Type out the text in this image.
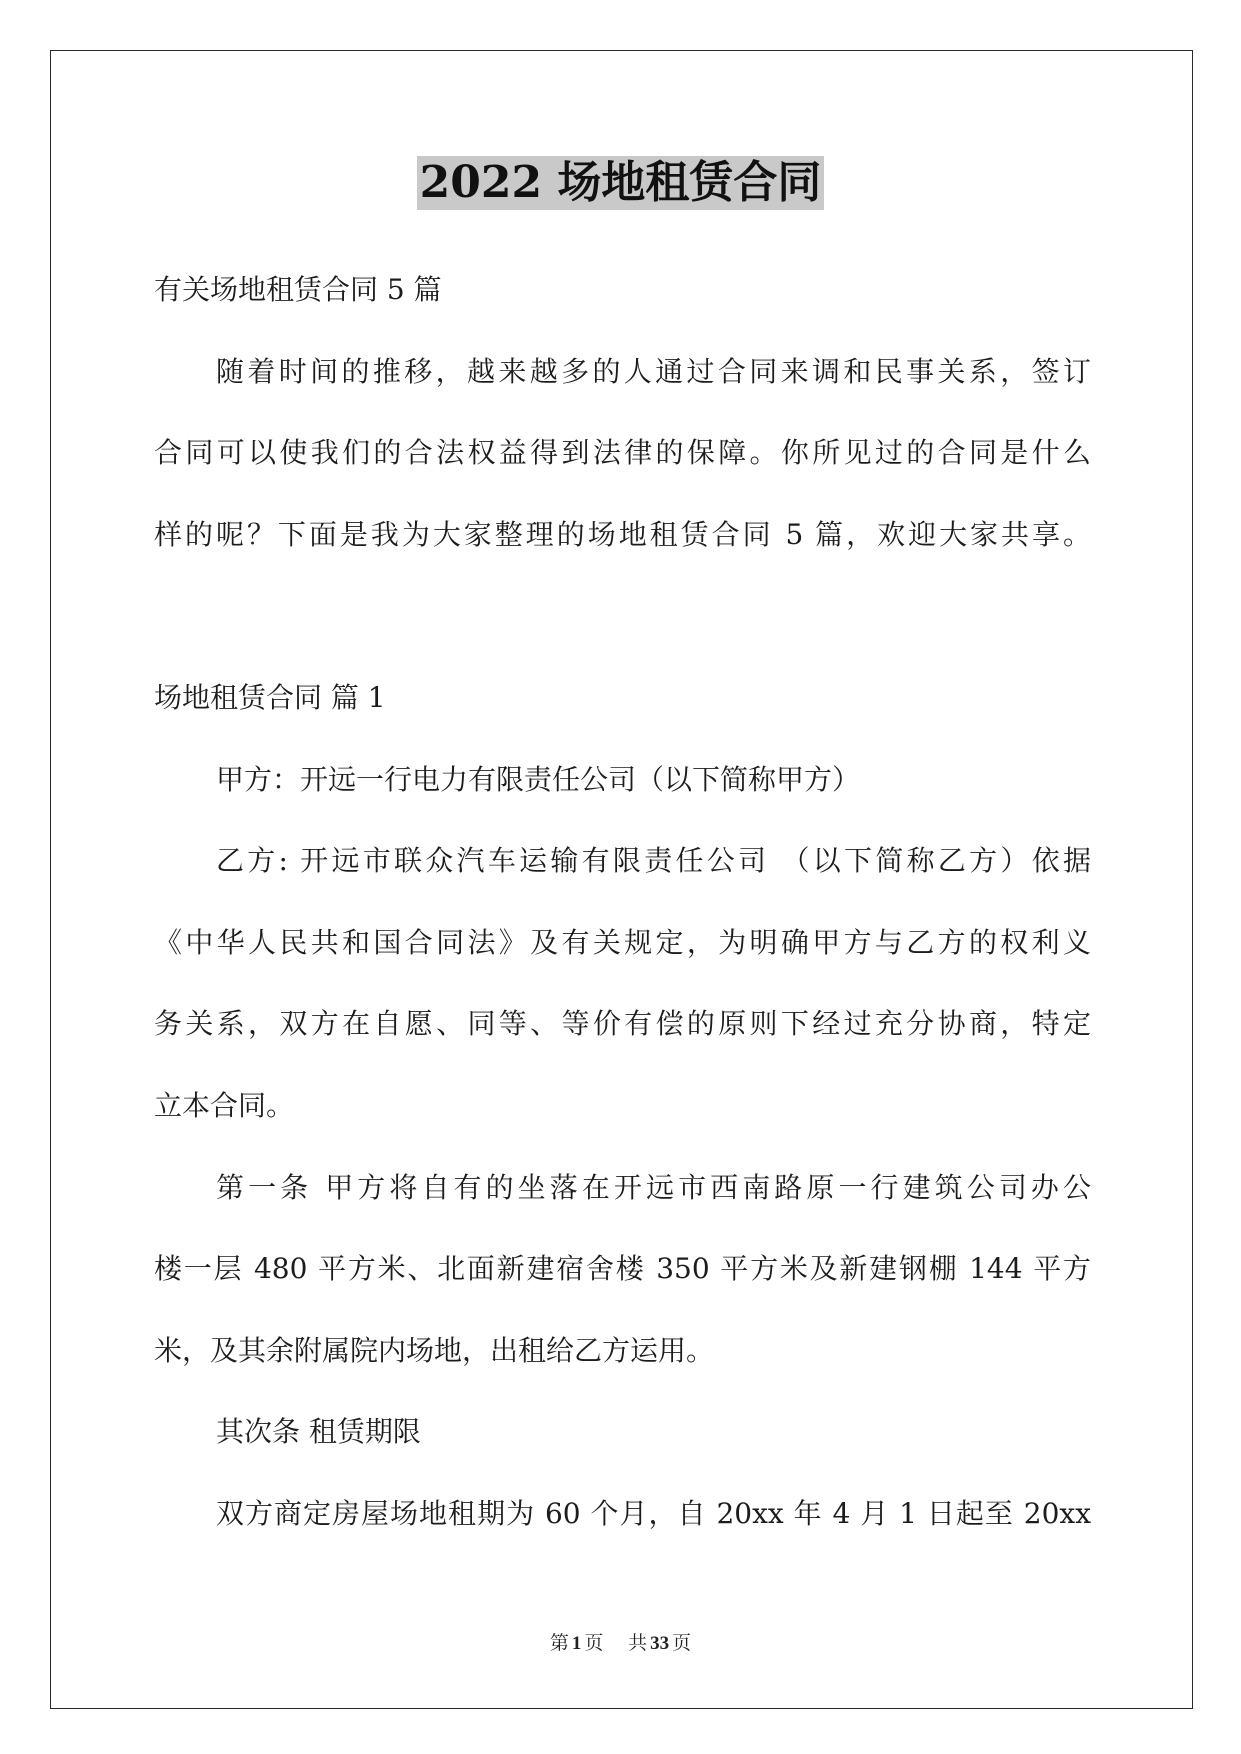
2022 场地租赁合同
有关场地租赁合同 5 篇
随着时间的推移，越来越多的人通过合同来调和民事关系，签订
合同可以使我们的合法权益得到法律的保障。你所见过的合同是什么
样的呢？下面是我为大家整理的场地租赁合同 5 篇，欢迎大家共享。
场地租赁合同 篇 1
甲方：开远一行电力有限责任公司（以下简称甲方）
乙方: 开远市联众汽车运输有限责任公司 （以下简称乙方）依据
《中华人民共和国合同法》及有关规定，为明确甲方与乙方的权利义
务关系，双方在自愿、同等、等价有偿的原则下经过充分协商，特定
立本合同。
第一条 甲方将自有的坐落在开远市西南路原一行建筑公司办公
楼一层 480 平方米、北面新建宿舍楼 350 平方米及新建钢棚 144 平方
米，及其余附属院内场地，出租给乙方运用。
其次条 租赁期限
双方商定房屋场地租期为 60 个月，自 20xx 年 4 月 1 日起至 20xx
第 1 页 共 33 页
